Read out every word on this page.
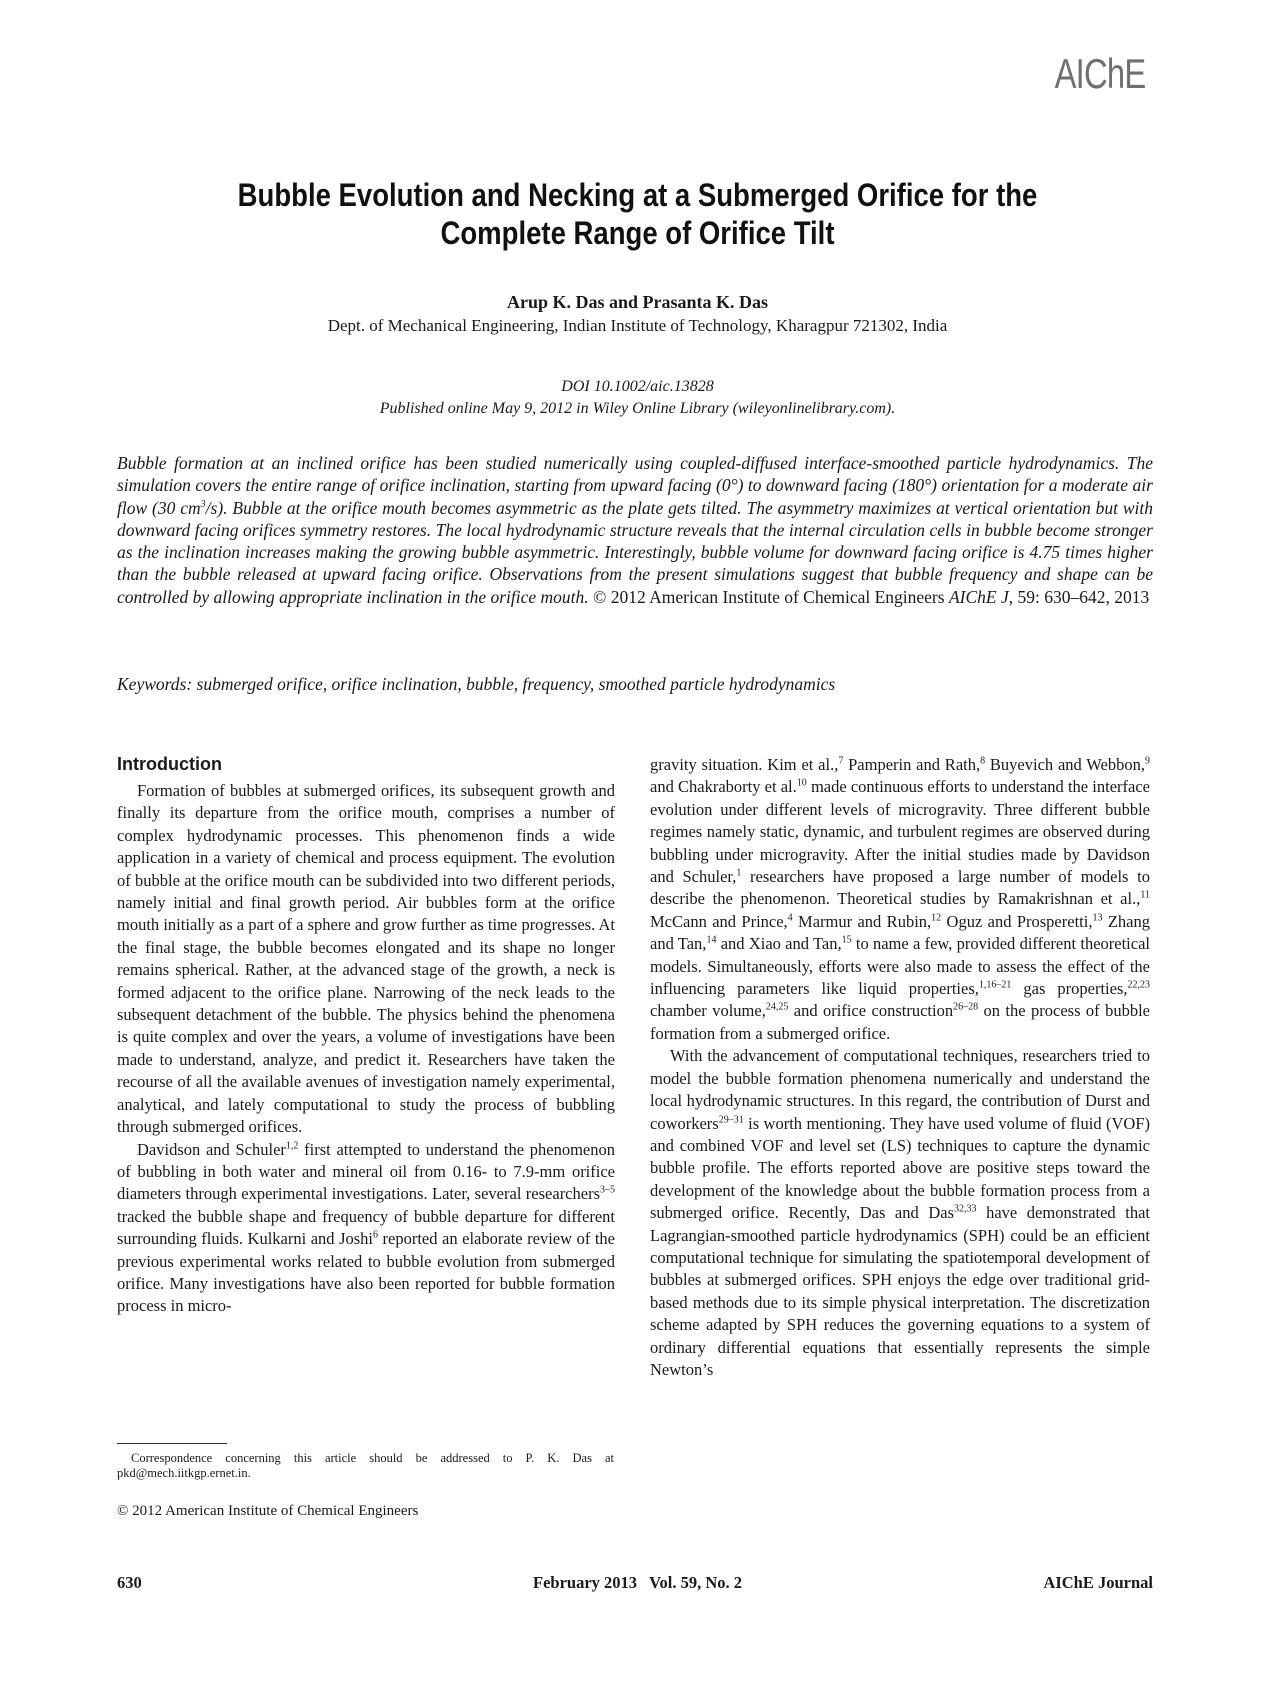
AIChE
Bubble Evolution and Necking at a Submerged Orifice for the
Complete Range of Orifice Tilt
Arup K. Das and Prasanta K. Das
Dept. of Mechanical Engineering, Indian Institute of Technology, Kharagpur 721302, India
DOI 10.1002/aic.13828
Published online May 9, 2012 in Wiley Online Library (wileyonlinelibrary.com).
Bubble formation at an inclined orifice has been studied numerically using coupled-diffused interface-smoothed particle hydrodynamics. The simulation covers the entire range of orifice inclination, starting from upward facing (0°) to downward facing (180°) orientation for a moderate air flow (30 $cm^3/s$). Bubble at the orifice mouth becomes asymmetric as the plate gets tilted. The asymmetry maximizes at vertical orientation but with downward facing orifices symmetry restores. The local hydrodynamic structure reveals that the internal circulation cells in bubble become stronger as the inclination increases making the growing bubble asymmetric. Interestingly, bubble volume for downward facing orifice is 4.75 times higher than the bubble released at upward facing orifice. Observations from the present simulations suggest that bubble frequency and shape can be controlled by allowing appropriate inclination in the orifice mouth. © 2012 American Institute of Chemical Engineers AIChE J, 59: 630–642, 2013
Keywords: submerged orifice, orifice inclination, bubble, frequency, smoothed particle hydrodynamics
Introduction

Formation of bubbles at submerged orifices, its subsequent growth and finally its departure from the orifice mouth, comprises a number of complex hydrodynamic processes. This phenomenon finds a wide application in a variety of chemical and process equipment. The evolution of bubble at the orifice mouth can be subdivided into two different periods, namely initial and final growth period. Air bubbles form at the orifice mouth initially as a part of a sphere and grow further as time progresses. At the final stage, the bubble becomes elongated and its shape no longer remains spherical. Rather, at the advanced stage of the growth, a neck is formed adjacent to the orifice plane. Narrowing of the neck leads to the subsequent detachment of the bubble. The physics behind the phenomena is quite complex and over the years, a volume of investigations have been made to understand, analyze, and predict it. Researchers have taken the recourse of all the available avenues of investigation namely experimental, analytical, and lately computational to study the process of bubbling through submerged orifices.

Davidson and Schuler$^{1,2}$ first attempted to understand the phenomenon of bubbling in both water and mineral oil from 0.16- to 7.9-mm orifice diameters through experimental investigations. Later, several researchers$^{3-5}$ tracked the bubble shape and frequency of bubble departure for different surrounding fluids. Kulkarni and Joshi$^6$ reported an elaborate review of the previous experimental works related to bubble evolution from submerged orifice. Many investigations have also been reported for bubble formation process in micro-

gravity situation. Kim et al.,$^7$ Pamperin and Rath,$^8$ Buyevich and Webbon,$^9$ and Chakraborty et al.$^{10}$ made continuous efforts to understand the interface evolution under different levels of microgravity. Three different bubble regimes namely static, dynamic, and turbulent regimes are observed during bubbling under microgravity. After the initial studies made by Davidson and Schuler,$^1$ researchers have proposed a large number of models to describe the phenomenon. Theoretical studies by Ramakrishnan et al.,$^{11}$ McCann and Prince,$^4$ Marmur and Rubin,$^{12}$ Oguz and Prosperetti,$^{13}$ Zhang and Tan,$^{14}$ and Xiao and Tan,$^{15}$ to name a few, provided different theoretical models. Simultaneously, efforts were also made to assess the effect of the influencing parameters like liquid properties,$^{1,16-21}$ gas properties,$^{22,23}$ chamber volume,$^{24,25}$ and orifice construction$^{26-28}$ on the process of bubble formation from a submerged orifice.

With the advancement of computational techniques, researchers tried to model the bubble formation phenomena numerically and understand the local hydrodynamic structures. In this regard, the contribution of Durst and coworkers$^{29-31}$ is worth mentioning. They have used volume of fluid (VOF) and combined VOF and level set (LS) techniques to capture the dynamic bubble profile. The efforts reported above are positive steps toward the development of the knowledge about the bubble formation process from a submerged orifice. Recently, Das and Das$^{32,33}$ have demonstrated that Lagrangian-smoothed particle hydrodynamics (SPH) could be an efficient computational technique for simulating the spatiotemporal development of bubbles at submerged orifices. SPH enjoys the edge over traditional grid-based methods due to its simple physical interpretation. The discretization scheme adapted by SPH reduces the governing equations to a system of ordinary differential equations that essentially represents the simple Newton’s

Correspondence concerning this article should be addressed to P. K. Das at pkd@mech.iitkgp.ernet.in.
© 2012 American Institute of Chemical Engineers
630	February 2013   Vol. 59, No. 2	AIChE Journal
